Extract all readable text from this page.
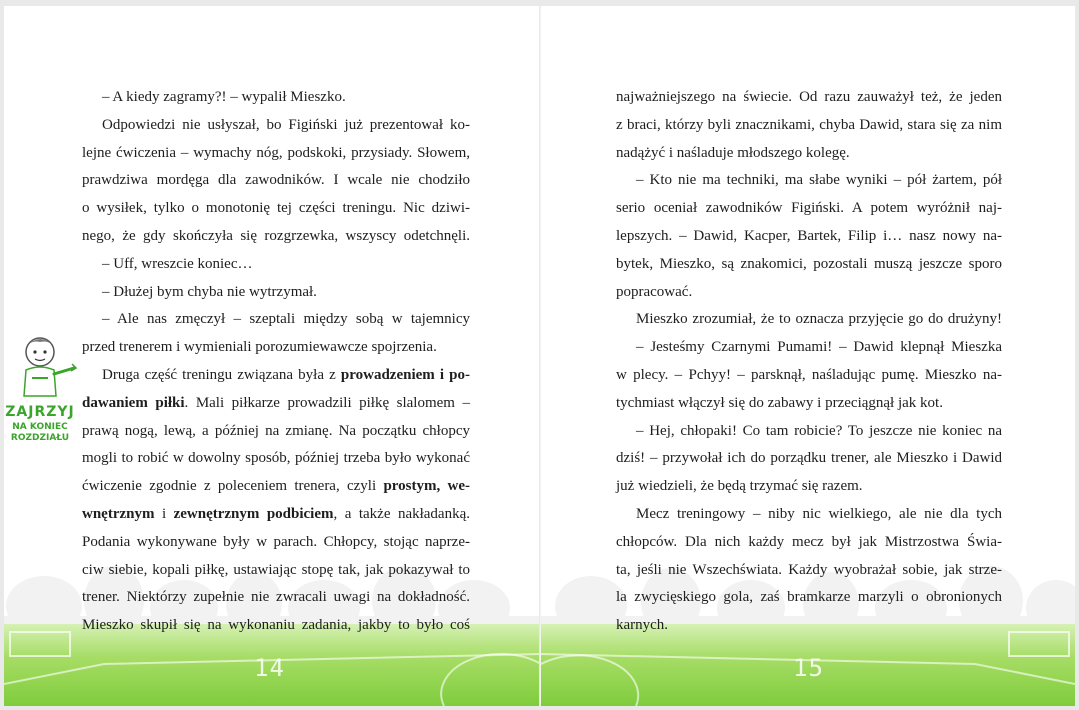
ZAJRZYJ
NA KONIEC
ROZDZIAŁU
– A kiedy zagramy?! – wypalił Mieszko.
Odpowiedzi nie usłyszał, bo Figiński już prezentował ko-
lejne ćwiczenia – wymachy nóg, podskoki, przysiady. Słowem,
prawdziwa mordęga dla zawodników. I wcale nie chodziło
o wysiłek, tylko o monotonię tej części treningu. Nic dziwi-
nego, że gdy skończyła się rozgrzewka, wszyscy odetchnęli.
– Uff, wreszcie koniec…
– Dłużej bym chyba nie wytrzymał.
– Ale nas zmęczył – szeptali między sobą w tajemnicy
przed trenerem i wymieniali porozumiewawcze spojrzenia.
Druga część treningu związana była z prowadzeniem i po-
dawaniem piłki. Mali piłkarze prowadzili piłkę slalomem –
prawą nogą, lewą, a później na zmianę. Na początku chłopcy
mogli to robić w dowolny sposób, później trzeba było wykonać
ćwiczenie zgodnie z poleceniem trenera, czyli prostym, we-
wnętrznym i zewnętrznym podbiciem, a także nakładanką.
Podania wykonywane były w parach. Chłopcy, stojąc naprze-
ciw siebie, kopali piłkę, ustawiając stopę tak, jak pokazywał to
trener. Niektórzy zupełnie nie zwracali uwagi na dokładność.
Mieszko skupił się na wykonaniu zadania, jakby to było coś
14
najważniejszego na świecie. Od razu zauważył też, że jeden
z braci, którzy byli znacznikami, chyba Dawid, stara się za nim
nadążyć i naśladuje młodszego kolegę.
– Kto nie ma techniki, ma słabe wyniki – pół żartem, pół
serio oceniał zawodników Figiński. A potem wyróżnił naj-
lepszych. – Dawid, Kacper, Bartek, Filip i… nasz nowy na-
bytek, Mieszko, są znakomici, pozostali muszą jeszcze sporo
popracować.
Mieszko zrozumiał, że to oznacza przyjęcie go do drużyny!
– Jesteśmy Czarnymi Pumami! – Dawid klepnął Mieszka
w plecy. – Pchyy! – parsknął, naśladując pumę. Mieszko na-
tychmiast włączył się do zabawy i przeciągnął jak kot.
– Hej, chłopaki! Co tam robicie? To jeszcze nie koniec na
dziś! – przywołał ich do porządku trener, ale Mieszko i Dawid
już wiedzieli, że będą trzymać się razem.
Mecz treningowy – niby nic wielkiego, ale nie dla tych
chłopców. Dla nich każdy mecz był jak Mistrzostwa Świa-
ta, jeśli nie Wszechświata. Każdy wyobrażał sobie, jak strze-
la zwycięskiego gola, zaś bramkarze marzyli o obronionych
karnych.
15
